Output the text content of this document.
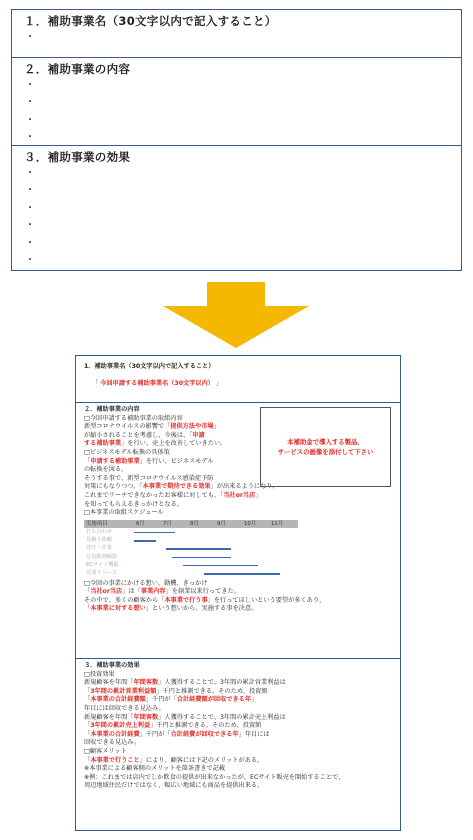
１．補助事業名（30文字以内で記入すること）
・
２．補助事業の内容
・
・
・
・
３．補助事業の効果
・
・
・
・
・
・
1．補助事業名（30文字以内で記入すること）
「 今回申請する補助事業名（30文字以内） 」
本補助金で導入する製品、
サービスの画像を添付して下さい
２．補助事業の内容
□今回申請する補助事業の取組内容
新型コロナウイルスの影響で「提供方法や市場」
が縮小されることを考慮し、今後は、「申請
する補助事業」を行い、売上を改善していきたい。
□ビジネスモデル転換の具体策
「申請する補助事業」を行い、ビジネスモデル
の転換を図る。
そうする事で、新型コロナウイルス感染症予防
対策にもなりつつ、「本事業で期待できる効果」が出来るようになり、
これまでリーチできなかったお客様に対しても、「当社or当店」
を知ってもらえるきっかけとなる。
□本事業の取組スケジュール
実施項目	6月	7月	8月	9月	10月	11月
打ち合わせ
見積り依頼
発注・作業
写真動画撮影
ECサイト構築
完成リリース
□今回の事業にかける想い、動機、きっかけ
「当社or当店」は「事業内容」を創業以来行ってきた。
その中で、多くの顧客から「本事業で行う事」を行ってほしいという要望が多くあり、
「本事業に対する想い」という想いから、実施する事を決意。
３．補助事業の効果
□投資効果
新規顧客を年間「年間客数」人獲得することで、3年間の累計営業利益は
「3年間の累計営業利益額」千円と推測できる。そのため、投資額
「本事業の合計経費額」千円が「合計経費額が回収できる年」
年目には回収できる見込み。
新規顧客を年間「年間客数」人獲得することで、3年間の累計売上利益は
「3年間の累計売上利益」千円と推測できる。そのため、投資額
「本事業の合計経費」千円が「合計経費が回収できる年」年目には
回収できる見込み。
□顧客メリット
「本事業で行うこと」により、顧客には下記のメリットがある。
※本事業による顧客側のメリットを箇条書きで記載
※例：これまでは店内でしか飲食の提供が出来なかったが、ECサイト販売を開始することで、
周辺地域住民だけではなく、幅広い地域にも商品を提供出来る。
